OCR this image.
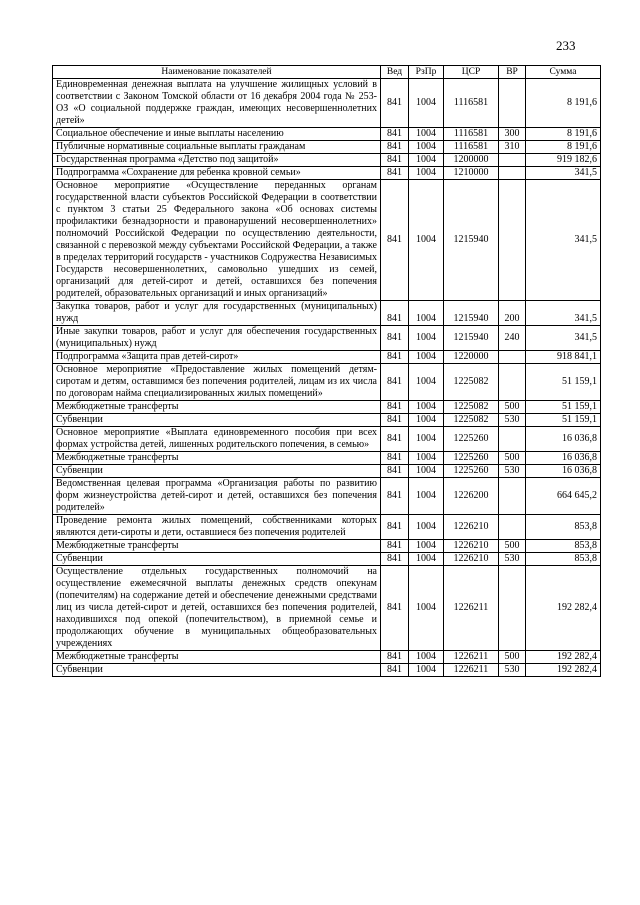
233
Наименование показателей	Вед	РзПр	ЦСР	ВР	Сумма
Единовременная денежная выплата на улучшение жилищных условий в соответствии с Законом Томской области от 16 декабря 2004 года № 253-ОЗ «О социальной поддержке граждан, имеющих несовершеннолетних детей»	841	1004	1116581		8 191,6
Социальное обеспечение и иные выплаты населению	841	1004	1116581	300	8 191,6
Публичные нормативные социальные выплаты гражданам	841	1004	1116581	310	8 191,6
Государственная программа «Детство под защитой»	841	1004	1200000		919 182,6
Подпрограмма «Сохранение для ребенка кровной семьи»	841	1004	1210000		341,5
Основное мероприятие «Осуществление переданных органам государственной власти субъектов Российской Федерации в соответствии с пунктом 3 статьи 25 Федерального закона «Об основах системы профилактики безнадзорности и правонарушений несовершеннолетних» полномочий Российской Федерации по осуществлению деятельности, связанной с перевозкой между субъектами Российской Федерации, а также в пределах территорий государств - участников Содружества Независимых Государств несовершеннолетних, самовольно ушедших из семей, организаций для детей-сирот и детей, оставшихся без попечения родителей, образовательных организаций и иных организаций»	841	1004	1215940		341,5
Закупка товаров, работ и услуг для государственных (муниципальных) нужд	841	1004	1215940	200	341,5
Иные закупки товаров, работ и услуг для обеспечения государственных (муниципальных) нужд	841	1004	1215940	240	341,5
Подпрограмма «Защита прав детей-сирот»	841	1004	1220000		918 841,1
Основное мероприятие «Предоставление жилых помещений детям-сиротам и детям, оставшимся без попечения родителей, лицам из их числа по договорам найма специализированных жилых помещений»	841	1004	1225082		51 159,1
Межбюджетные трансферты	841	1004	1225082	500	51 159,1
Субвенции	841	1004	1225082	530	51 159,1
Основное мероприятие «Выплата единовременного пособия при всех формах устройства детей, лишенных родительского попечения, в семью»	841	1004	1225260		16 036,8
Межбюджетные трансферты	841	1004	1225260	500	16 036,8
Субвенции	841	1004	1225260	530	16 036,8
Ведомственная целевая программа «Организация работы по развитию форм жизнеустройства детей-сирот и детей, оставшихся без попечения родителей»	841	1004	1226200		664 645,2
Проведение ремонта жилых помещений, собственниками которых являются дети-сироты и дети, оставшиеся без попечения родителей	841	1004	1226210		853,8
Межбюджетные трансферты	841	1004	1226210	500	853,8
Субвенции	841	1004	1226210	530	853,8
Осуществление отдельных государственных полномочий на осуществление ежемесячной выплаты денежных средств опекунам (попечителям) на содержание детей и обеспечение денежными средствами лиц из числа детей-сирот и детей, оставшихся без попечения родителей, находившихся под опекой (попечительством), в приемной семье и продолжающих обучение в муниципальных общеобразовательных учреждениях	841	1004	1226211		192 282,4
Межбюджетные трансферты	841	1004	1226211	500	192 282,4
Субвенции	841	1004	1226211	530	192 282,4
